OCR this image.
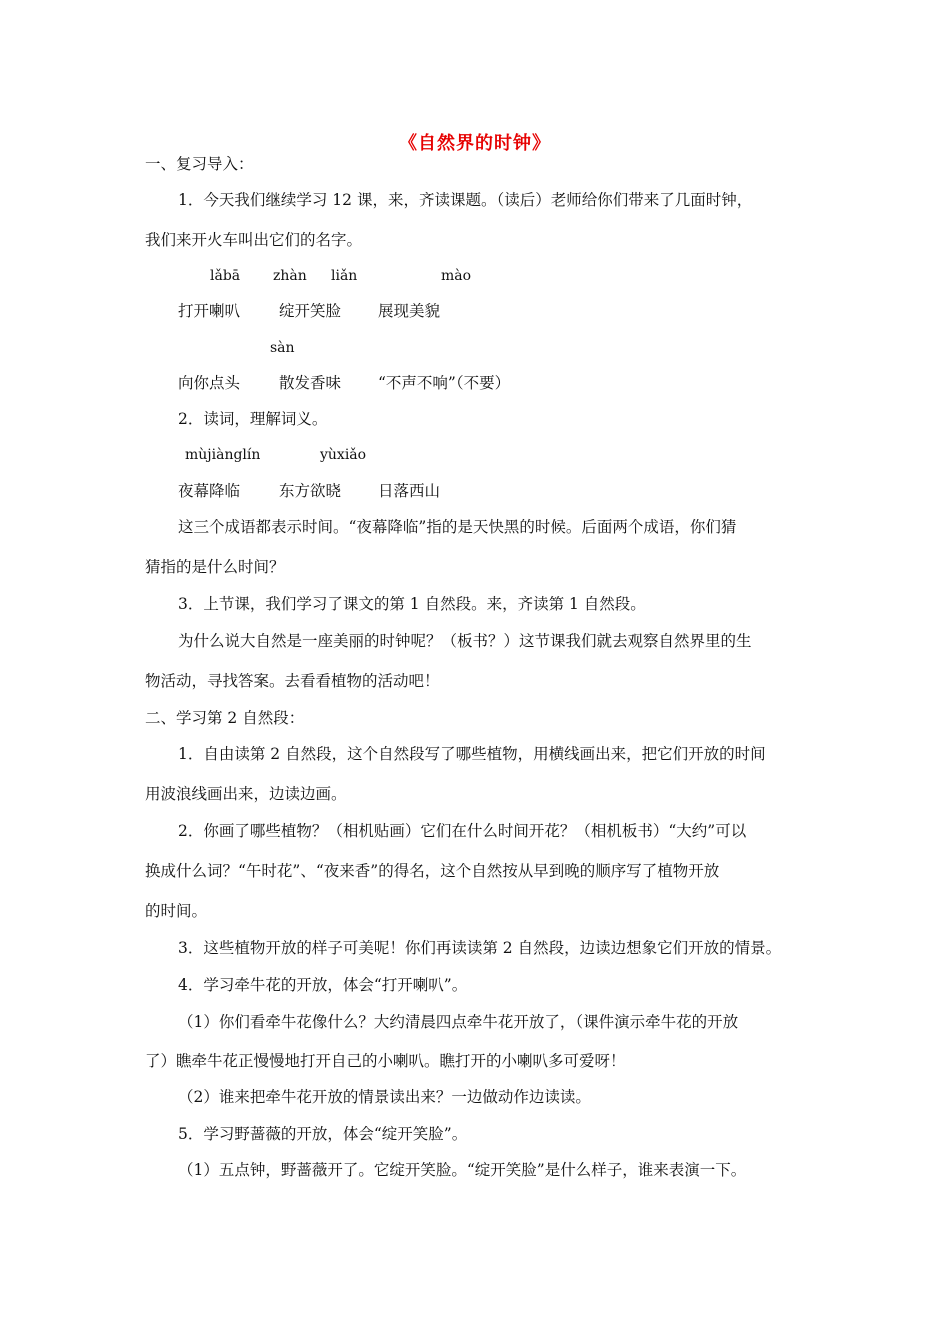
《自然界的时钟》
一、复习导入：
1．今天我们继续学习 12 课，来，齐读课题。（读后）老师给你们带来了几面时钟，
我们来开火车叫出它们的名字。
lǎbā zhàn liǎn	mào
打开喇叭	绽开笑脸 展现美貌
sàn
向你点头	散发香味 “不声不响”（不要）
2．读词，理解词义。
mùjiànglín	yùxiǎo
夜幕降临	东方欲晓 日落西山
这三个成语都表示时间。“夜幕降临”指的是天快黑的时候。后面两个成语，你们猜
猜指的是什么时间？
3．上节课，我们学习了课文的第 1 自然段。来，齐读第 1 自然段。
为什么说大自然是一座美丽的时钟呢？（板书？）这节课我们就去观察自然界里的生
物活动，寻找答案。去看看植物的活动吧！
二、学习第 2 自然段：
1．自由读第 2 自然段，这个自然段写了哪些植物，用横线画出来，把它们开放的时间
用波浪线画出来，边读边画。
2．你画了哪些植物？（相机贴画）它们在什么时间开花？（相机板书）“大约”可以
换成什么词？“午时花”、“夜来香”的得名，这个自然按从早到晚的顺序写了植物开放
的时间。
3．这些植物开放的样子可美呢！你们再读读第 2 自然段，边读边想象它们开放的情景。
4．学习牵牛花的开放，体会“打开喇叭”。
（1）你们看牵牛花像什么？大约清晨四点牵牛花开放了，（课件演示牵牛花的开放
了）瞧牵牛花正慢慢地打开自己的小喇叭。瞧打开的小喇叭多可爱呀！
（2）谁来把牵牛花开放的情景读出来？一边做动作边读读。
5．学习野蔷薇的开放，体会“绽开笑脸”。
（1）五点钟，野蔷薇开了。它绽开笑脸。“绽开笑脸”是什么样子，谁来表演一下。
